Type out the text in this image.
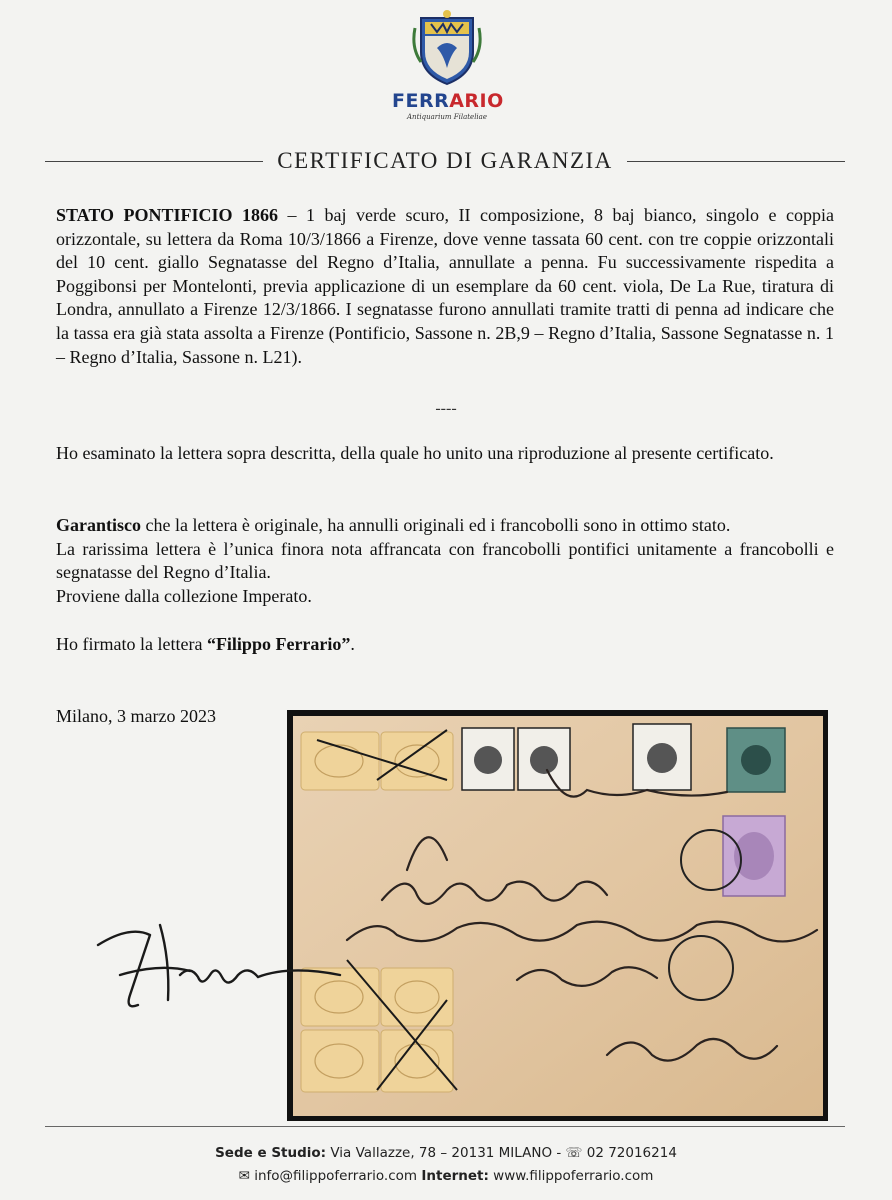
FERRARIO
Antiquarium Filateliae
CERTIFICATO DI GARANZIA
STATO PONTIFICIO 1866 – 1 baj verde scuro, II composizione, 8 baj bianco, singolo e coppia orizzontale, su lettera da Roma 10/3/1866 a Firenze, dove venne tassata 60 cent. con tre coppie orizzontali del 10 cent. giallo Segnatasse del Regno d’Italia, annullate a penna. Fu successivamente rispedita a Poggibonsi per Montelonti, previa applicazione di un esemplare da 60 cent. viola, De La Rue, tiratura di Londra, annullato a Firenze 12/3/1866. I segnatasse furono annullati tramite tratti di penna ad indicare che la tassa era già stata assolta a Firenze (Pontificio, Sassone n. 2B,9 – Regno d’Italia, Sassone Segnatasse n. 1 – Regno d’Italia, Sassone n. L21).
----
Ho esaminato la lettera sopra descritta, della quale ho unito una riproduzione al presente certificato.
Garantisco che la lettera è originale, ha annulli originali ed i francobolli sono in ottimo stato.
La rarissima lettera è l’unica finora nota affrancata con francobolli pontifici unitamente a francobolli e segnatasse del Regno d’Italia.
Proviene dalla collezione Imperato.
Ho firmato la lettera “Filippo Ferrario”.
Milano, 3 marzo 2023
Sede e Studio: Via Vallazze, 78 – 20131 MILANO - ☏ 02 72016214
✉ info@filippoferrario.com Internet: www.filippoferrario.com
